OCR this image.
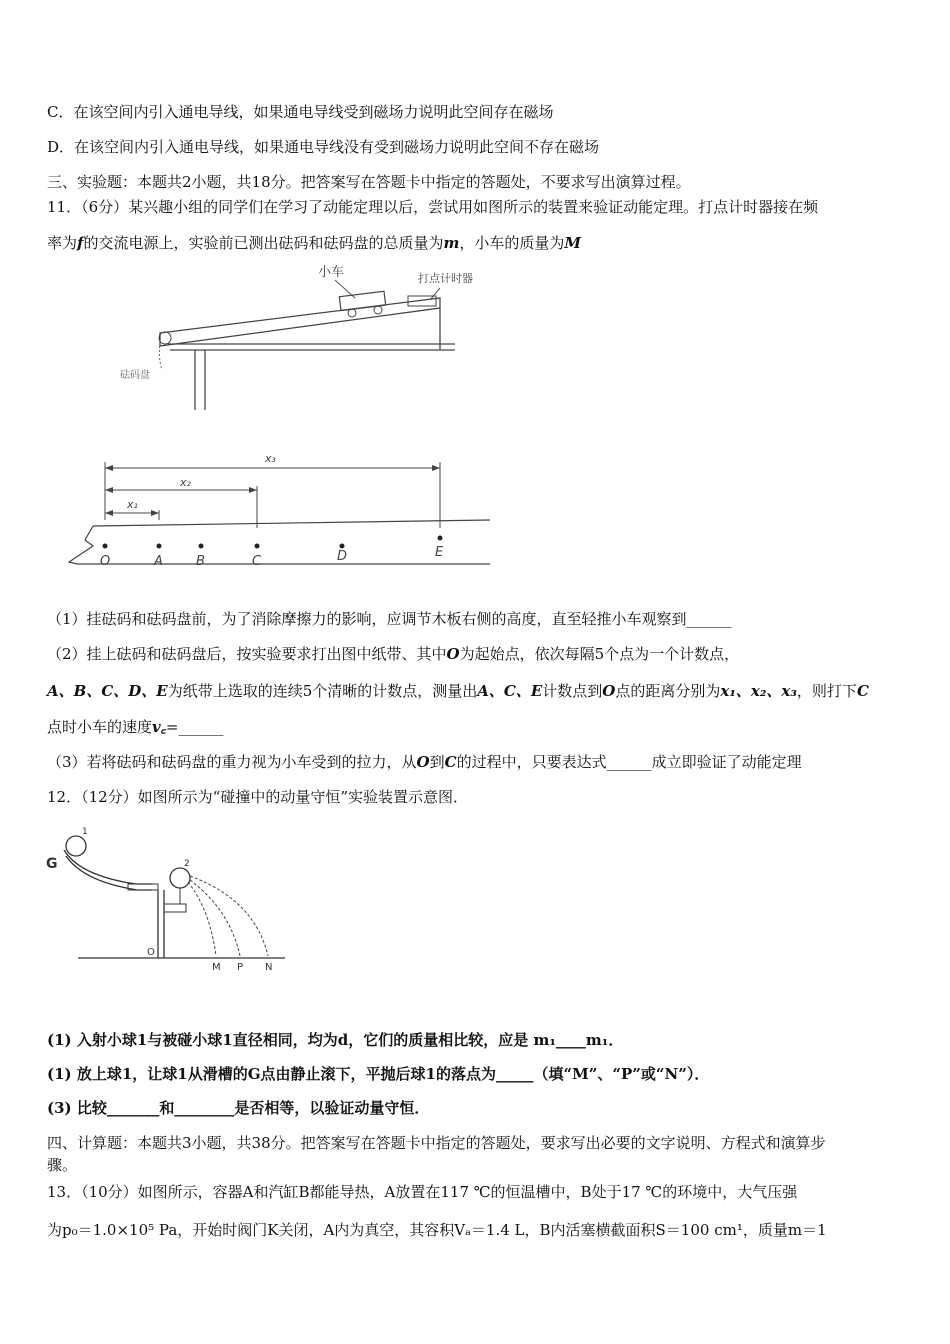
C．在该空间内引入通电导线，如果通电导线受到磁场力说明此空间存在磁场
D．在该空间内引入通电导线，如果通电导线没有受到磁场力说明此空间不存在磁场
三、实验题：本题共2小题，共18分。把答案写在答题卡中指定的答题处，不要求写出演算过程。
11．（6分）某兴趣小组的同学们在学习了动能定理以后，尝试用如图所示的装置来验证动能定理。打点计时器接在频
率为f的交流电源上，实验前已测出砝码和砝码盘的总质量为m，小车的质量为M
小车	打点计时器
砝码盘
x₃
x₂
x₁
O	A	B	C	D	E
（1）挂砝码和砝码盘前，为了消除摩擦力的影响，应调节木板右侧的高度，直至轻推小车观察到______
（2）挂上砝码和砝码盘后，按实验要求打出图中纸带、其中O为起始点，依次每隔5个点为一个计数点，
A、B、C、D、E为纸带上选取的连续5个清晰的计数点，测量出A、C、E计数点到O点的距离分别为x₁、x₂、x₃，则打下C
点时小车的速度v꜀=______
（3）若将砝码和砝码盘的重力视为小车受到的拉力，从O到C的过程中，只要表达式______成立即验证了动能定理
12．（12分）如图所示为“碰撞中的动量守恒”实验装置示意图．
G
1
2
O
M P N
(1) 入射小球1与被碰小球1直径相同，均为d，它们的质量相比较，应是 m₁____m₁．
(1) 放上球1，让球1从滑槽的G点由静止滚下，平抛后球1的落点为_____（填“M”、“P”或“N”）．
(3) 比较_______和________是否相等，以验证动量守恒．
四、计算题：本题共3小题，共38分。把答案写在答题卡中指定的答题处，要求写出必要的文字说明、方程式和演算步
骤。
13．（10分）如图所示，容器A和汽缸B都能导热，A放置在117 ℃的恒温槽中，B处于17 ℃的环境中，大气压强
为p₀＝1.0×10⁵ Pa，开始时阀门K关闭，A内为真空，其容积Vₐ＝1.4 L，B内活塞横截面积S＝100 cm¹，质量m＝1
